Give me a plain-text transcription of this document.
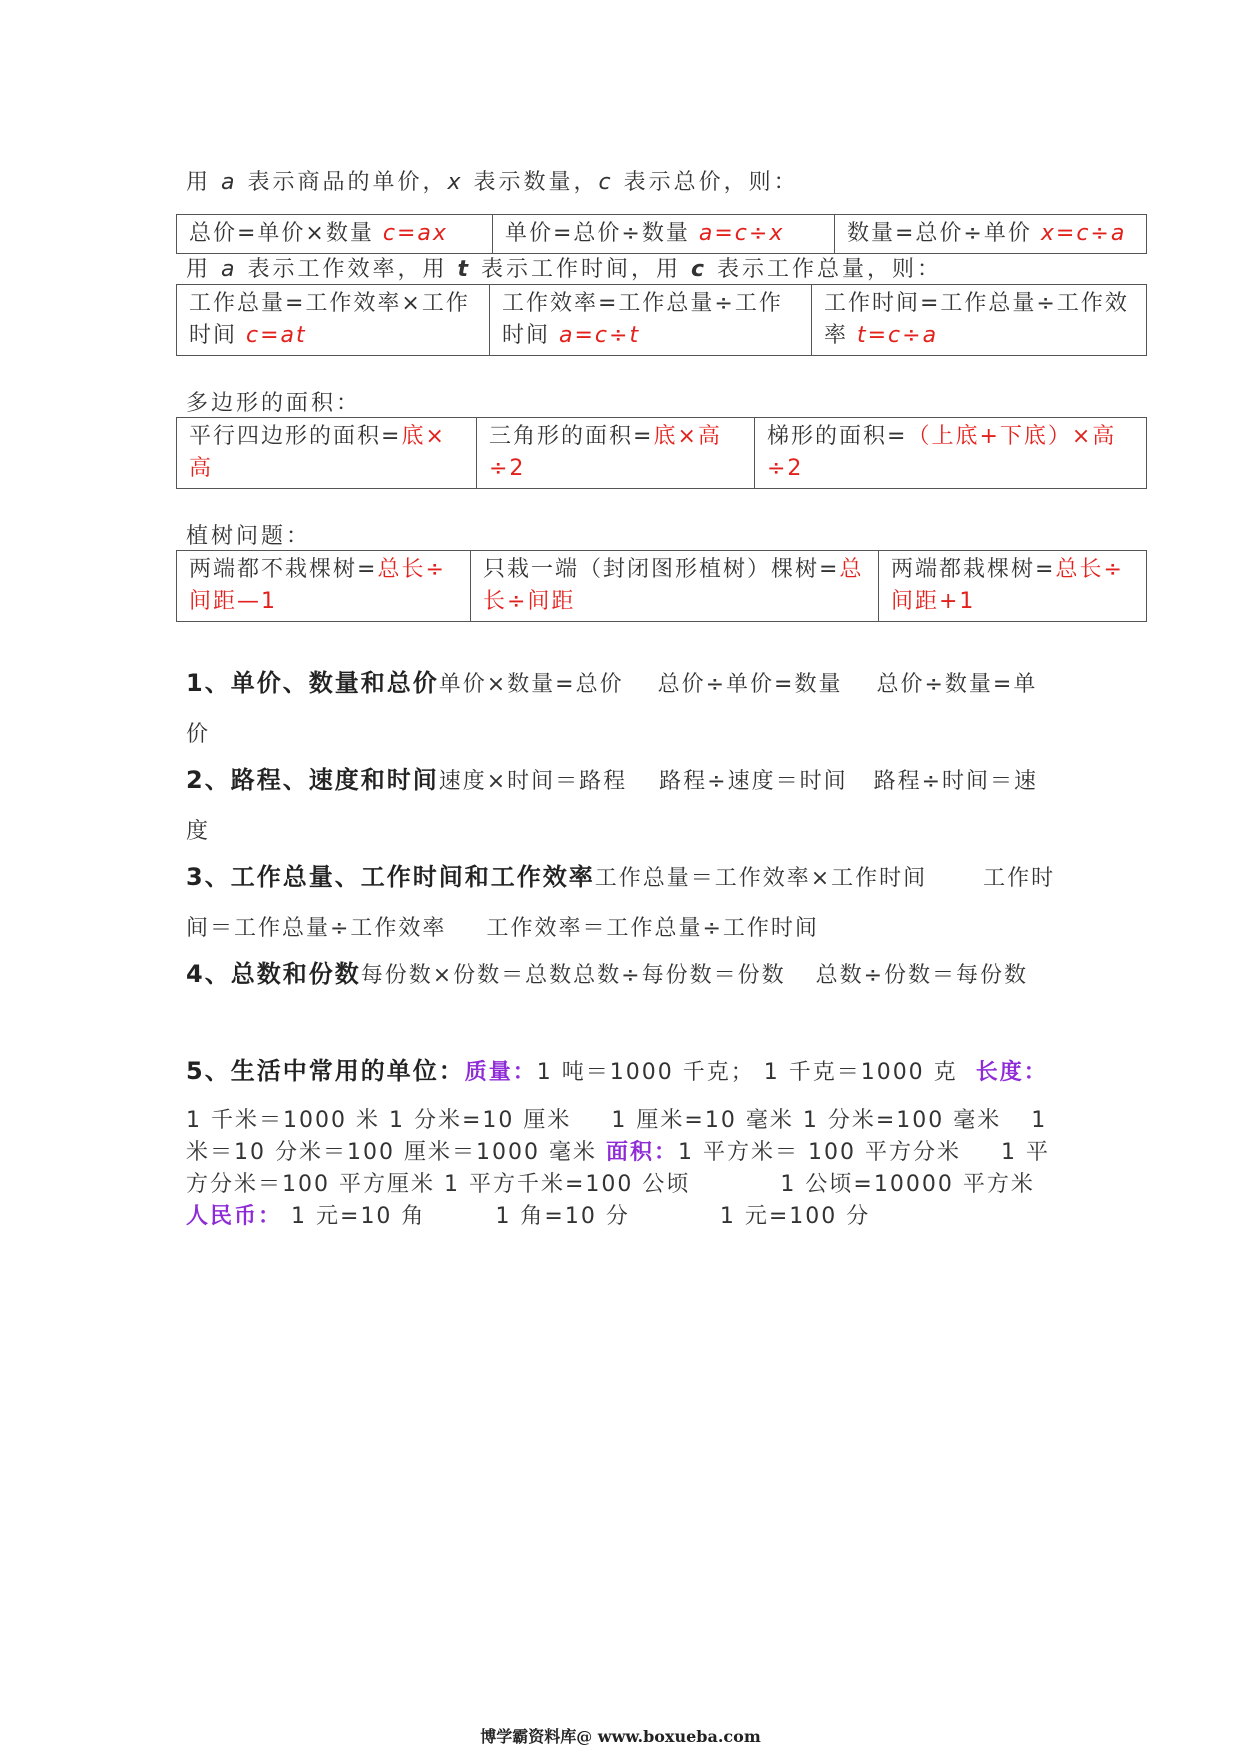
用 a 表示商品的单价，x 表示数量，c 表示总价，则：
总价=单价×数量 c=ax	单价=总价÷数量 a=c÷x	数量=总价÷单价 x=c÷a
用 a 表示工作效率，用 t 表示工作时间，用 c 表示工作总量，则：
工作总量=工作效率×工作时间 c=at	工作效率=工作总量÷工作时间 a=c÷t	工作时间=工作总量÷工作效率 t=c÷a
多边形的面积：
平行四边形的面积=底×高	三角形的面积=底×高÷2	梯形的面积=（上底+下底）×高÷2
植树问题：
两端都不栽棵树=总长÷间距—1	只栽一端（封闭图形植树）棵树=总长÷间距	两端都栽棵树=总长÷间距+1
1、单价、数量和总价单价×数量=总价 总价÷单价=数量 总价÷数量=单价
2、路程、速度和时间速度×时间＝路程 路程÷速度＝时间 路程÷时间＝速度
3、工作总量、工作时间和工作效率工作总量＝工作效率×工作时间	工作时间＝工作总量÷工作效率 工作效率＝工作总量÷工作时间
4、总数和份数每份数×份数＝总数总数÷每份数＝份数 总数÷份数＝每份数
5、生活中常用的单位：质量：1 吨＝1000 千克； 1 千克＝1000 克 长度：
1 千米＝1000 米 1 分米=10 厘米 1 厘米=10 毫米 1 分米=100 毫米 1 米＝10 分米＝100 厘米＝1000 毫米 面积：1 平方米＝ 100 平方分米 1 平方分米＝100 平方厘米 1 平方千米=100 公顷	1 公顷=10000 平方米人民币： 1 元=10 角	1 角=10 分	1 元=100 分
博学霸资料库@ www.boxueba.com
